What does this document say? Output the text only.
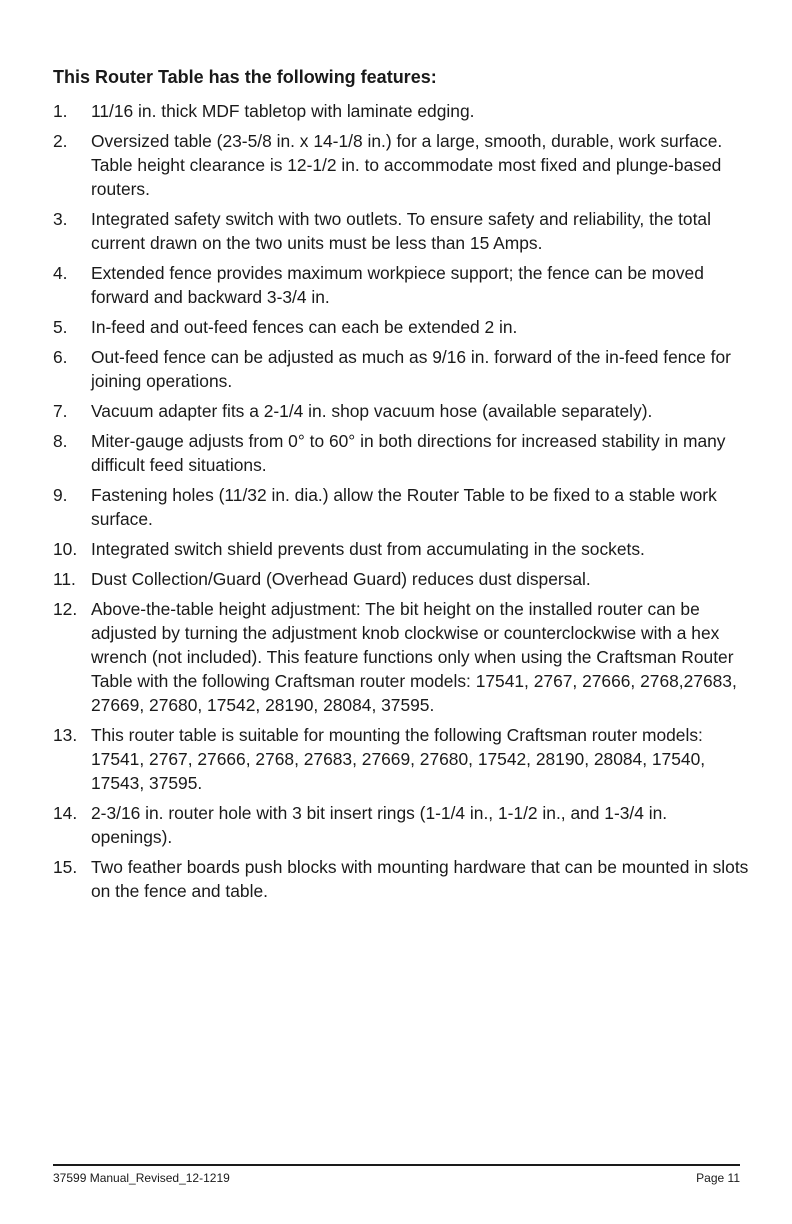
This Router Table has the following features:
1.	11/16 in. thick MDF tabletop with laminate edging.
2.	Oversized table (23-5/8 in. x 14-1/8 in.) for a large, smooth, durable, work surface. Table height clearance is 12-1/2 in. to accommodate most fixed and plunge-based routers.
3.	Integrated safety switch with two outlets. To ensure safety and reliability, the total current drawn on the two units must be less than 15 Amps.
4.	Extended fence provides maximum workpiece support; the fence can be moved forward and backward 3-3/4 in.
5.	In-feed and out-feed fences can each be extended 2 in.
6.	Out-feed fence can be adjusted as much as 9/16 in. forward of the in-feed fence for joining operations.
7.	Vacuum adapter fits a 2-1/4 in. shop vacuum hose (available separately).
8.	Miter-gauge adjusts from 0° to 60° in both directions for increased stability in many difficult feed situations.
9.	Fastening holes (11/32 in. dia.) allow the Router Table to be fixed to a stable work surface.
10. Integrated switch shield prevents dust from accumulating in the sockets.
11. Dust Collection/Guard (Overhead Guard) reduces dust dispersal.
12. Above-the-table height adjustment: The bit height on the installed router can be adjusted by turning the adjustment knob clockwise or counterclockwise with a hex wrench (not included). This feature functions only when using the Craftsman Router Table with the following Craftsman router models: 17541, 2767, 27666, 2768,27683, 27669, 27680, 17542, 28190, 28084, 37595.
13. This router table is suitable for mounting the following Craftsman router models: 17541, 2767, 27666, 2768, 27683, 27669, 27680, 17542, 28190, 28084, 17540, 17543, 37595.
14. 2-3/16 in. router hole with 3 bit insert rings (1-1/4 in., 1-1/2 in., and 1-3/4 in. openings).
15. Two feather boards push blocks with mounting hardware that can be mounted in slots on the fence and table.
37599 Manual_Revised_12-1219	Page 11
